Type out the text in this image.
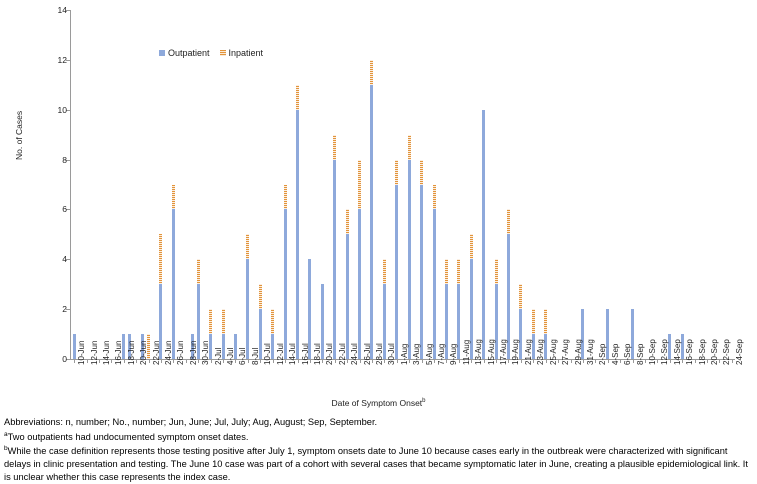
No. of Cases
0
2
4
6
8
10
12
14
10-Jun 12-Jun 14-Jun 16-Jun 18-Jun 20-Jun 22-Jun 24-Jun 26-Jun 28-Jun 30-Jun 2-Jul 4-Jul 6-Jul 8-Jul 10-Jul 12-Jul 14-Jul 16-Jul 18-Jul 20-Jul 22-Jul 24-Jul 26-Jul 28-Jul 30-Jul 1-Aug 3-Aug 5-Aug 7-Aug 9-Aug 11-Aug 13-Aug 15-Aug 17-Aug 19-Aug 21-Aug 23-Aug 25-Aug 27-Aug 29-Aug 31-Aug 2-Sep 4-Sep 6-Sep 8-Sep 10-Sep 12-Sep 14-Sep 16-Sep 18-Sep 20-Sep 22-Sep 24-Sep
Outpatient Inpatient
Date of Symptom Onset$^b$
Abbreviations: n, number; No., number; Jun, June; Jul, July; Aug, August; Sep, September.
$^a$Two outpatients had undocumented symptom onset dates.
$^b$While the case definition represents those testing positive after July 1, symptom onsets date to June 10 because cases early in the outbreak were characterized with significant delays in clinic presentation and testing. The June 10 case was part of a cohort with several cases that became symptomatic later in June, creating a plausible epidemiological link. It is unclear whether this case represents the index case.
